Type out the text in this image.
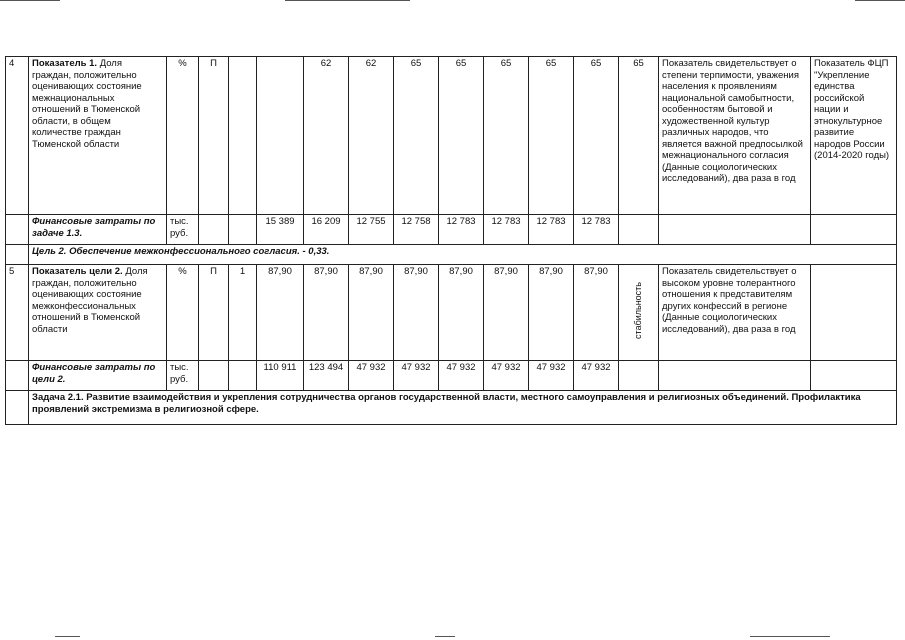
4	Показатель 1. Доля граждан, положительно оценивающих состояние межнациональных отношений в Тюменской области, в общем количестве граждан Тюменской области	%	П			62	62	65	65	65	65	65	65	Показатель свидетельствует о степени терпимости, уважения населения к проявлениям национальной самобытности, особенностям бытовой и художественной культур различных народов, что является важной предпосылкой межнационального согласия (Данные социологических исследований), два раза в год	Показатель ФЦП "Укрепление единства российской нации и этнокультурное развитие народов России (2014-2020 годы)
	Финансовые затраты по задаче 1.3.	тыс. руб.			15 389	16 209	12 755	12 758	12 783	12 783	12 783	12 783			
	Цель 2. Обеспечение межконфессионального согласия. - 0,33.														
5	Показатель цели 2. Доля граждан, положительно оценивающих состояние межконфессиональных отношений в Тюменской области	%	П	1	87,90	87,90	87,90	87,90	87,90	87,90	87,90	87,90	стабильность	Показатель свидетельствует о высоком уровне толерантного отношения к представителям других конфессий в регионе (Данные социологических исследований), два раза в год	
	Финансовые затраты по цели 2.	тыс. руб.			110 911	123 494	47 932	47 932	47 932	47 932	47 932	47 932			
	Задача 2.1. Развитие взаимодействия и укрепления сотрудничества органов государственной власти, местного самоуправления и религиозных объединений. Профилактика проявлений экстремизма в религиозной сфере.														
